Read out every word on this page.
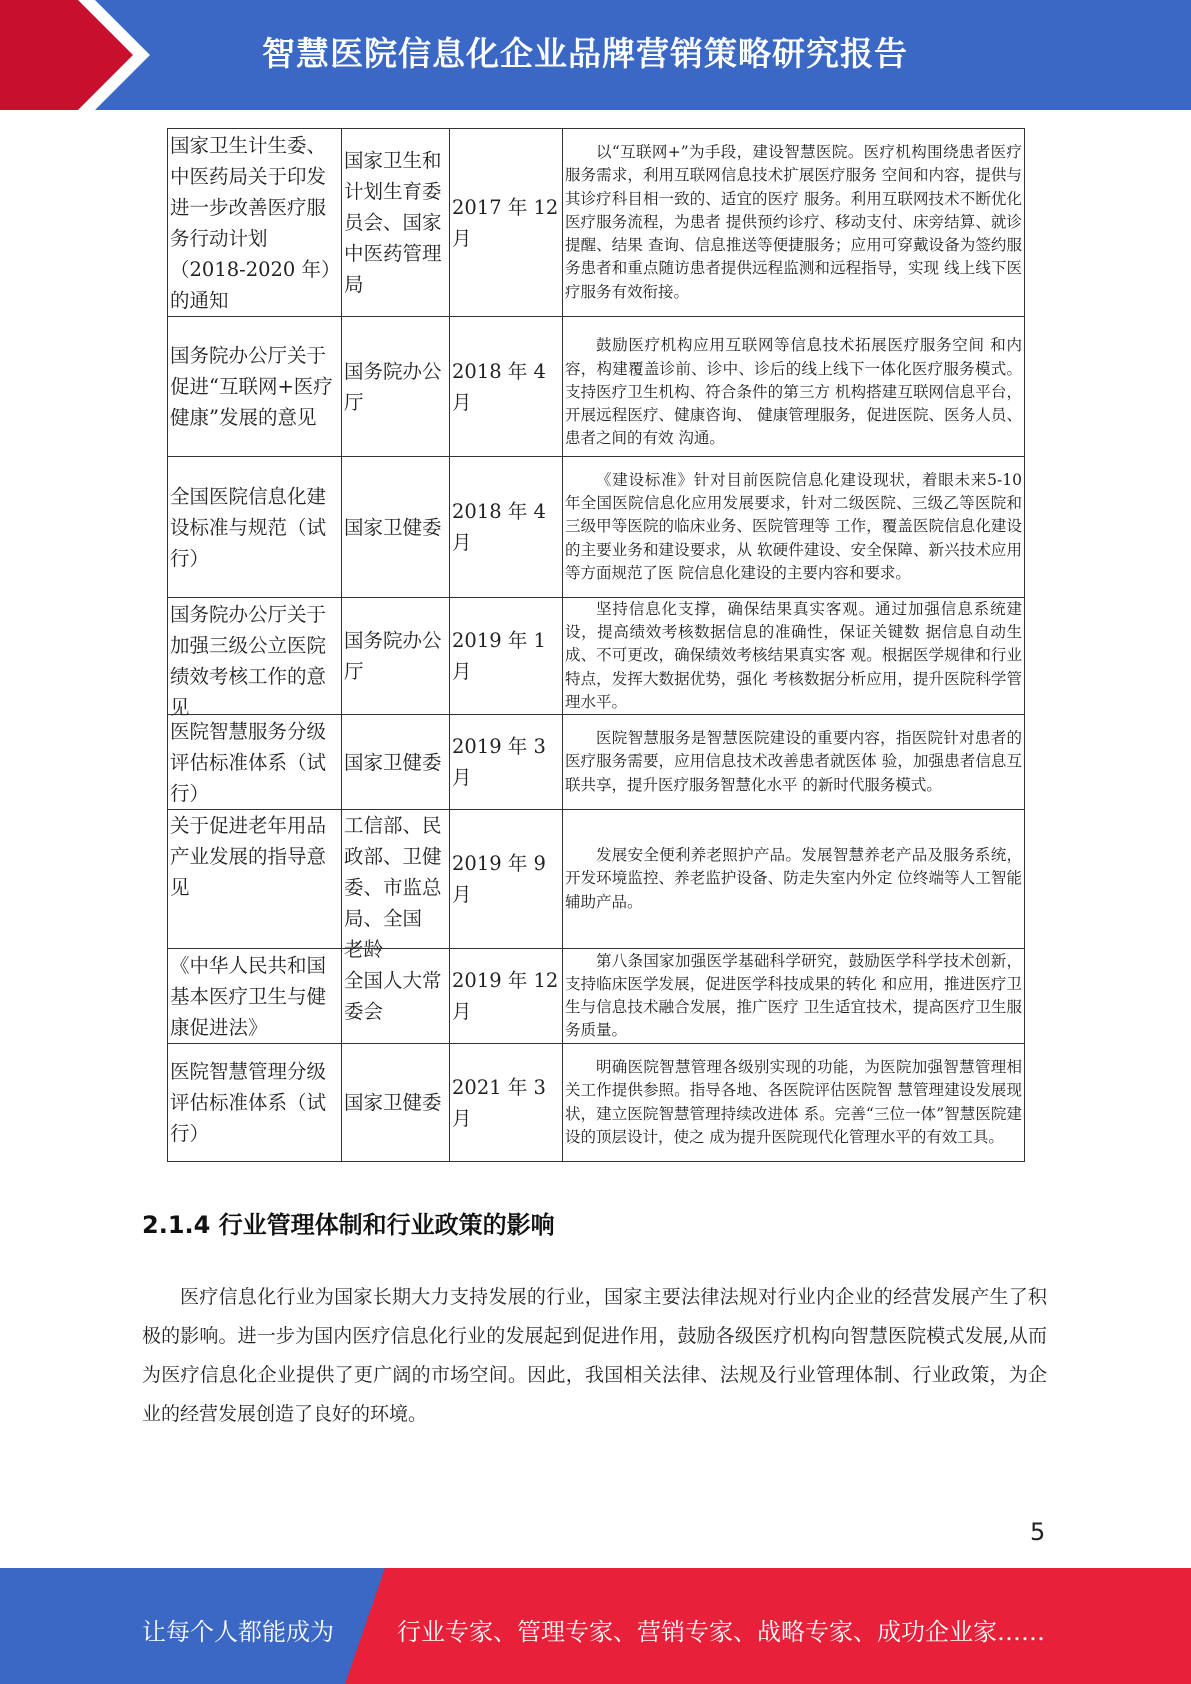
智慧医院信息化企业品牌营销策略研究报告
国家卫生计生委、中医药局关于印发进一步改善医疗服务行动计划（2018-2020 年）的通知	国家卫生和计划生育委员会、国家中医药管理局	2017 年 12 月	以“互联网+”为手段，建设智慧医院。医疗机构围绕患者医疗服务需求，利用互联网信息技术扩展医疗服务 空间和内容，提供与其诊疗科目相一致的、适宜的医疗 服务。利用互联网技术不断优化医疗服务流程，为患者 提供预约诊疗、移动支付、床旁结算、就诊提醒、结果 查询、信息推送等便捷服务；应用可穿戴设备为签约服 务患者和重点随访患者提供远程监测和远程指导，实现 线上线下医疗服务有效衔接。

国务院办公厅关于促进“互联网+医疗健康”发展的意见	国务院办公厅	2018 年 4 月	鼓励医疗机构应用互联网等信息技术拓展医疗服务空间 和内容，构建覆盖诊前、诊中、诊后的线上线下一体化医疗服务模式。支持医疗卫生机构、符合条件的第三方 机构搭建互联网信息平台，开展远程医疗、健康咨询、 健康管理服务，促进医院、医务人员、患者之间的有效 沟通。

全国医院信息化建设标准与规范（试行）	国家卫健委	2018 年 4 月	《建设标准》针对目前医院信息化建设现状，着眼未来5-10 年全国医院信息化应用发展要求，针对二级医院、三级乙等医院和三级甲等医院的临床业务、医院管理等 工作，覆盖医院信息化建设的主要业务和建设要求，从 软硬件建设、安全保障、新兴技术应用等方面规范了医 院信息化建设的主要内容和要求。

国务院办公厅关于加强三级公立医院绩效考核工作的意见	国务院办公厅	2019 年 1 月	坚持信息化支撑，确保结果真实客观。通过加强信息系统建设，提高绩效考核数据信息的准确性，保证关键数 据信息自动生成、不可更改，确保绩效考核结果真实客 观。根据医学规律和行业特点，发挥大数据优势，强化 考核数据分析应用，提升医院科学管理水平。

医院智慧服务分级评估标准体系（试行）	国家卫健委	2019 年 3 月	医院智慧服务是智慧医院建设的重要内容，指医院针对患者的医疗服务需要，应用信息技术改善患者就医体 验，加强患者信息互联共享，提升医疗服务智慧化水平 的新时代服务模式。

关于促进老年用品产业发展的指导意见	工信部、民政部、卫健委、市监总 局、全国 老龄	2019 年 9 月	发展安全便利养老照护产品。发展智慧养老产品及服务系统，开发环境监控、养老监护设备、防走失室内外定 位终端等人工智能辅助产品。

《中华人民共和国基本医疗卫生与健康促进法》	全国人大常委会	2019 年 12 月	第八条国家加强医学基础科学研究，鼓励医学科学技术创新，支持临床医学发展，促进医学科技成果的转化 和应用，推进医疗卫生与信息技术融合发展，推广医疗 卫生适宜技术，提高医疗卫生服务质量。

医院智慧管理分级评估标准体系（试行）	国家卫健委	2021 年 3 月	明确医院智慧管理各级别实现的功能，为医院加强智慧管理相关工作提供参照。指导各地、各医院评估医院智 慧管理建设发展现状，建立医院智慧管理持续改进体 系。完善“三位一体”智慧医院建设的顶层设计，使之 成为提升医院现代化管理水平的有效工具。
2.1.4 行业管理体制和行业政策的影响

医疗信息化行业为国家长期大力支持发展的行业，国家主要法律法规对行业内企业的经营发展产生了积极的影响。进一步为国内医疗信息化行业的发展起到促进作用，鼓励各级医疗机构向智慧医院模式发展,从而为医疗信息化企业提供了更广阔的市场空间。因此，我国相关法律、法规及行业管理体制、行业政策，为企业的经营发展创造了良好的环境。

5
让每个人都能成为	行业专家、管理专家、营销专家、战略专家、成功企业家……
